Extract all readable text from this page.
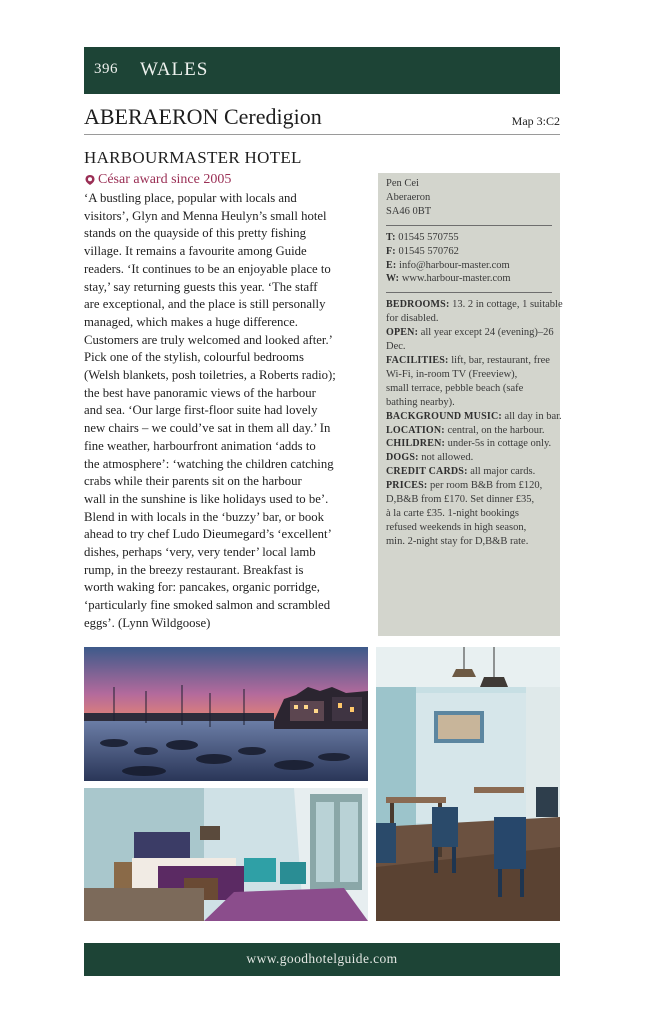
396 WALES
ABERAERON Ceredigion	Map 3:C2
HARBOURMASTER HOTEL
César award since 2005
‘A bustling place, popular with locals and
visitors’, Glyn and Menna Heulyn’s small hotel
stands on the quayside of this pretty fishing
village. It remains a favourite among Guide
readers. ‘It continues to be an enjoyable place to
stay,’ say returning guests this year. ‘The staff
are exceptional, and the place is still personally
managed, which makes a huge difference.
Customers are truly welcomed and looked after.’
Pick one of the stylish, colourful bedrooms
(Welsh blankets, posh toiletries, a Roberts radio);
the best have panoramic views of the harbour
and sea. ‘Our large first-floor suite had lovely
new chairs – we could’ve sat in them all day.’ In
fine weather, harbourfront animation ‘adds to
the atmosphere’: ‘watching the children catching
crabs while their parents sit on the harbour
wall in the sunshine is like holidays used to be’.
Blend in with locals in the ‘buzzy’ bar, or book
ahead to try chef Ludo Dieumegard’s ‘excellent’
dishes, perhaps ‘very, very tender’ local lamb
rump, in the breezy restaurant. Breakfast is
worth waking for: pancakes, organic porridge,
‘particularly fine smoked salmon and scrambled
eggs’. (Lynn Wildgoose)
Pen Cei
Aberaeron
SA46 0BT
T: 01545 570755
F: 01545 570762
E: info@harbour-master.com
W: www.harbour-master.com
BEDROOMS: 13. 2 in cottage, 1 suitable
for disabled.
OPEN: all year except 24 (evening)–26
Dec.
FACILITIES: lift, bar, restaurant, free
Wi-Fi, in-room TV (Freeview),
small terrace, pebble beach (safe
bathing nearby).
BACKGROUND MUSIC: all day in bar.
LOCATION: central, on the harbour.
CHILDREN: under-5s in cottage only.
DOGS: not allowed.
CREDIT CARDS: all major cards.
PRICES: per room B&B from £120,
D,B&B from £170. Set dinner £35,
à la carte £35. 1-night bookings
refused weekends in high season,
min. 2-night stay for D,B&B rate.
www.goodhotelguide.com
